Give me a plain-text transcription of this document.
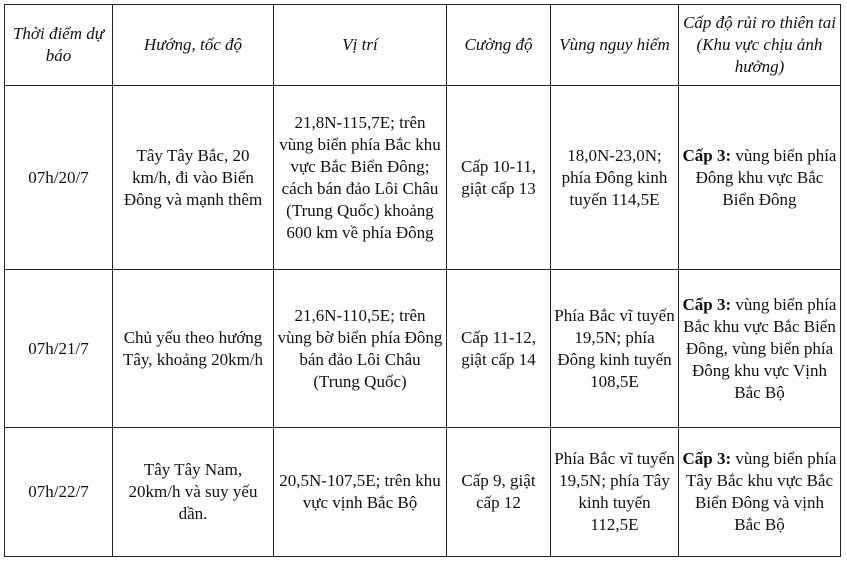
Thời điểm dự báo	Hướng, tốc độ	Vị trí	Cường độ	Vùng nguy hiểm	Cấp độ rủi ro thiên tai (Khu vực chịu ảnh hưởng)
07h/20/7	Tây Tây Bắc, 20 km/h, đi vào Biển Đông và mạnh thêm	21,8N-115,7E; trên vùng biển phía Bắc khu vực Bắc Biển Đông; cách bán đảo Lôi Châu (Trung Quốc) khoảng 600 km về phía Đông	Cấp 10-11, giật cấp 13	18,0N-23,0N; phía Đông kinh tuyến 114,5E	Cấp 3: vùng biển phía Đông khu vực Bắc Biển Đông
07h/21/7	Chủ yếu theo hướng Tây, khoảng 20km/h	21,6N-110,5E; trên vùng bờ biển phía Đông bán đảo Lôi Châu (Trung Quốc)	Cấp 11-12, giật cấp 14	Phía Bắc vĩ tuyến 19,5N; phía Đông kinh tuyến 108,5E	Cấp 3: vùng biển phía Bắc khu vực Bắc Biển Đông, vùng biển phía Đông khu vực Vịnh Bắc Bộ
07h/22/7	Tây Tây Nam, 20km/h và suy yếu dần.	20,5N-107,5E; trên khu vực vịnh Bắc Bộ	Cấp 9, giật cấp 12	Phía Bắc vĩ tuyến 19,5N; phía Tây kinh tuyến 112,5E	Cấp 3: vùng biển phía Tây Bắc khu vực Bắc Biển Đông và vịnh Bắc Bộ
